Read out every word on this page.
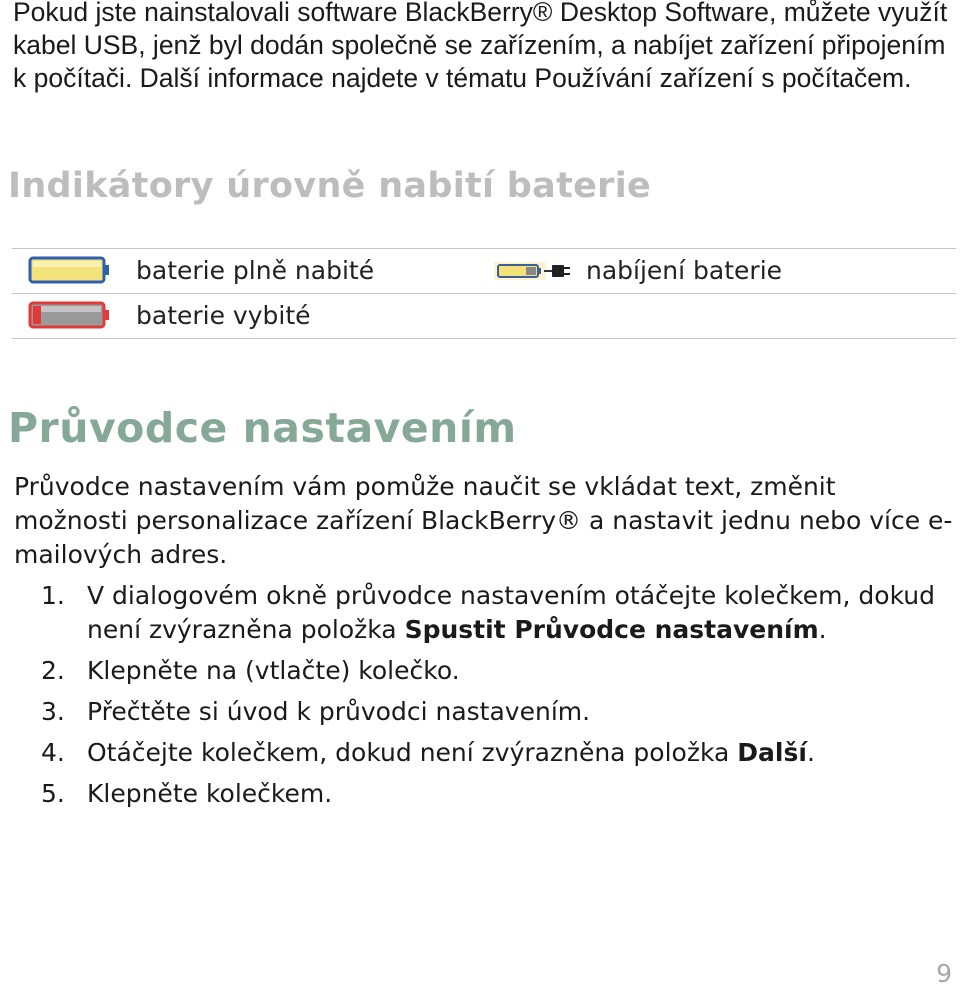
Pokud jste nainstalovali software BlackBerry® Desktop Software, můžete využít kabel USB, jenž byl dodán společně se zařízením, a nabíjet zařízení připojením k počítači. Další informace najdete v tématu Používání zařízení s počítačem.

Indikátory úrovně nabití baterie
baterie plně nabité	nabíjení baterie
baterie vybité
Průvodce nastavením

Průvodce nastavením vám pomůže naučit se vkládat text, změnit možnosti personalizace zařízení BlackBerry® a nastavit jednu nebo více e-mailových adres.

1. V dialogovém okně průvodce nastavením otáčejte kolečkem, dokud není zvýrazněna položka Spustit Průvodce nastavením.
2. Klepněte na (vtlačte) kolečko.
3. Přečtěte si úvod k průvodci nastavením.
4. Otáčejte kolečkem, dokud není zvýrazněna položka Další.
5. Klepněte kolečkem.
9
